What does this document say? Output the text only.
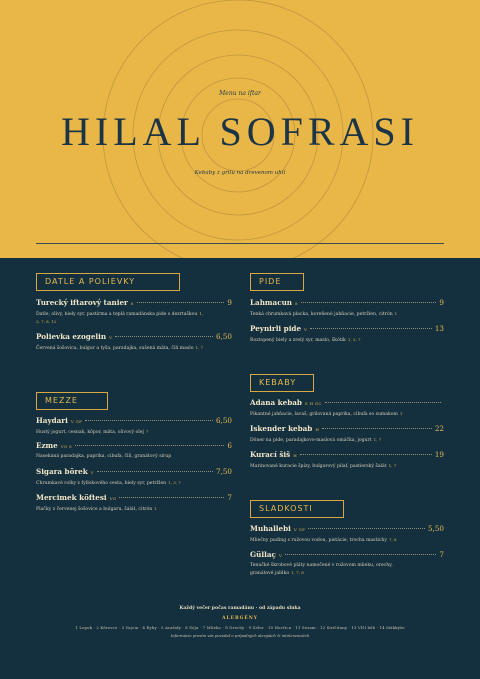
Menu na iftar
HILAL SOFRASI
Kebaby z grilu na drevenom uhlí
DATLE A POLIEVKY
Turecký iftarový tanier 8	9
Datle, olivy, biely syr, pastirma a teplá ramadánska pide s dezrtaškou 1, 3, 7, 8, 12
Polievka ezogelin V	6,50
Červená šošovica, bulgur a tyša, paradajka, sušená mäta, čili maslo 1, 7
MEZZE
Haydari V GF	6,50
Hustý jogurt, cesnak, kôpor, mäta, olivový olej 7
Ezme VG S	6
Nasekaná paradajka, paprika, cibuľa, čili, granátový sirup
Sigara börek V	7,50
Chrumkavé rolky z fyllokového cesta, biely syr, petržlen 1, 3, 7
Mercimek köftesi VG	7
Plačky z červenej šošovice a bulgaru, šalát, citrón 1
PIDE
Lahmacun 8	9
Tenká chrumkavá placka, koreňené jahňacie, petržlen, citrón 1
Peynirli pide V	13
Roztopený biely a zrelý syr, maslo, škótik 1, 3, 7
KEBABY
Adana kebab S H GC
Pikantné jahňacie, lavaš, grilovaná paprika, cibuľa so sumakom 1
Iskender kebab H	22
Döner na pide, paradajkovo-maslová omáčka, jogurt 1, 7
Kurací šiš H	19
Marinované kuracie špízy, bulgarový pilaf, pastierský šalát 1, 7
SLADKOSTI
Muhallebi V GF	5,50
Mliečny puding s ružovou vodou, pistácie, trocha mastichy 7, 8
Güllaç V	7
Tenučké škrobové pláty namočené v ružovom mlieku, orechy, granátové jablko 1, 7, 8
Každý večer počas ramadánu · od západu slnka
ALERGÉNY
1 Lepok · 2 Kôrovce · 3 Vajcia · 4 Ryby · 5 Arašidy · 6 Sója · 7 Mlieko · 8 Orechy · 9 Zeler · 10 Horčica · 11 Sezam · 12 Siričitany · 13 Vlčí bôb · 14 Mäkkýše
Informácie prosím vás povedať o prípadných alergiách či intoleranciách
